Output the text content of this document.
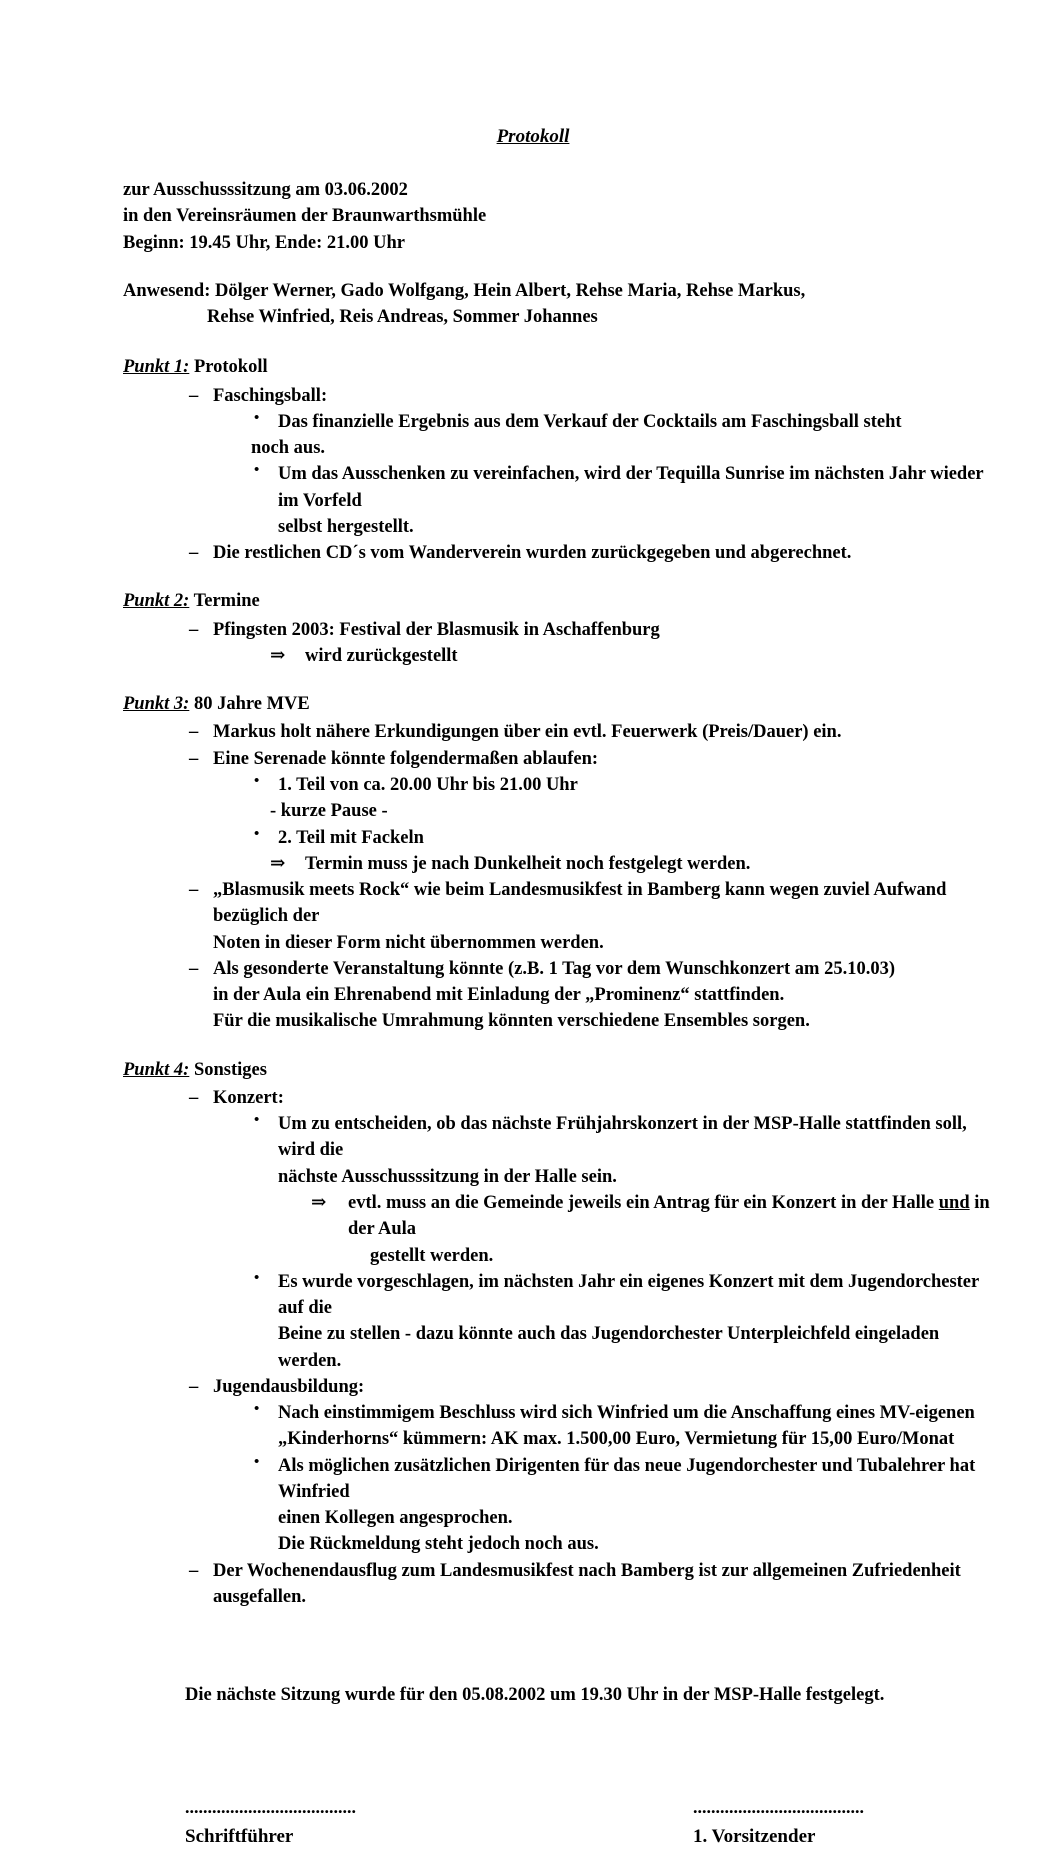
Protokoll
zur Ausschusssitzung am 03.06.2002
in den Vereinsräumen der Braunwarthsmühle
Beginn: 19.45 Uhr, Ende: 21.00 Uhr
Anwesend: Dölger Werner, Gado Wolfgang, Hein Albert, Rehse Maria, Rehse Markus,
Rehse Winfried, Reis Andreas, Sommer Johannes
Punkt 1: Protokoll
– Faschingsball:
• Das finanzielle Ergebnis aus dem Verkauf der Cocktails am Faschingsball steht
noch aus.
• Um das Ausschenken zu vereinfachen, wird der Tequilla Sunrise im nächsten Jahr wieder im Vorfeld
selbst hergestellt.
– Die restlichen CD´s vom Wanderverein wurden zurückgegeben und abgerechnet.
Punkt 2: Termine
– Pfingsten 2003: Festival der Blasmusik in Aschaffenburg
⇒ wird zurückgestellt
Punkt 3: 80 Jahre MVE
– Markus holt nähere Erkundigungen über ein evtl. Feuerwerk (Preis/Dauer) ein.
– Eine Serenade könnte folgendermaßen ablaufen:
• 1. Teil von ca. 20.00 Uhr bis 21.00 Uhr
- kurze Pause -
• 2. Teil mit Fackeln
⇒ Termin muss je nach Dunkelheit noch festgelegt werden.
– „Blasmusik meets Rock“ wie beim Landesmusikfest in Bamberg kann wegen zuviel Aufwand bezüglich der
Noten in dieser Form nicht übernommen werden.
– Als gesonderte Veranstaltung könnte (z.B. 1 Tag vor dem Wunschkonzert am 25.10.03)
in der Aula ein Ehrenabend mit Einladung der „Prominenz“ stattfinden.
Für die musikalische Umrahmung könnten verschiedene Ensembles sorgen.
Punkt 4: Sonstiges
– Konzert:
• Um zu entscheiden, ob das nächste Frühjahrskonzert in der MSP-Halle stattfinden soll, wird die
nächste Ausschusssitzung in der Halle sein.
⇒ evtl. muss an die Gemeinde jeweils ein Antrag für ein Konzert in der Halle und in der Aula
gestellt werden.
• Es wurde vorgeschlagen, im nächsten Jahr ein eigenes Konzert mit dem Jugendorchester auf die
Beine zu stellen - dazu könnte auch das Jugendorchester Unterpleichfeld eingeladen werden.
– Jugendausbildung:
• Nach einstimmigem Beschluss wird sich Winfried um die Anschaffung eines MV-eigenen
„Kinderhorns“ kümmern: AK max. 1.500,00 Euro, Vermietung für 15,00 Euro/Monat
• Als möglichen zusätzlichen Dirigenten für das neue Jugendorchester und Tubalehrer hat Winfried
einen Kollegen angesprochen.
Die Rückmeldung steht jedoch noch aus.
– Der Wochenendausflug zum Landesmusikfest nach Bamberg ist zur allgemeinen Zufriedenheit ausgefallen.
Die nächste Sitzung wurde für den 05.08.2002 um 19.30 Uhr in der MSP-Halle festgelegt.
......................................
Schriftführer
......................................
1. Vorsitzender
